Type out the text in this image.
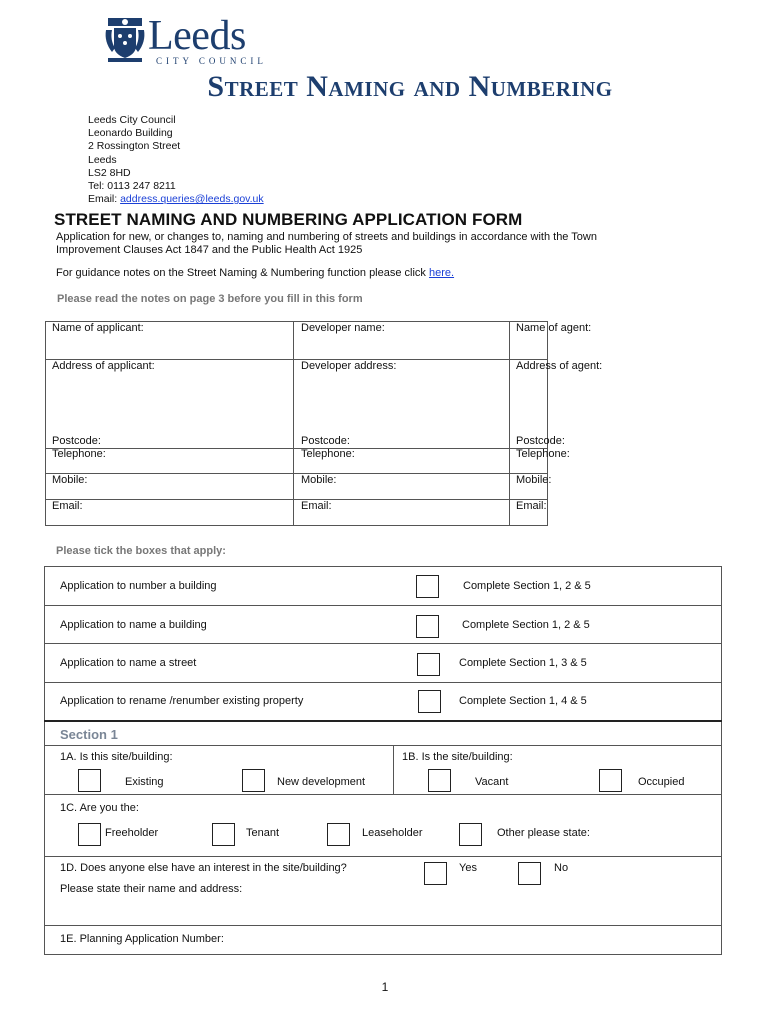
Leeds
CITY COUNCIL
Street Naming and Numbering
Leeds City Council
Leonardo Building
2 Rossington Street
Leeds
LS2 8HD
Tel: 0113 247 8211
Email: address.queries@leeds.gov.uk
STREET NAMING AND NUMBERING APPLICATION FORM
Application for new, or changes to, naming and numbering of streets and buildings in accordance with the Town Improvement Clauses Act 1847 and the Public Health Act 1925
For guidance notes on the Street Naming & Numbering function please click here.
Please read the notes on page 3 before you fill in this form
Name of applicant:	Developer name:	Name of agent:
Address of applicant:	Developer address:	Address of agent:
Postcode:	Postcode:	Postcode:
Telephone:	Telephone:	Telephone:
Mobile:	Mobile:	Mobile:
Email:	Email:	Email:
Please tick the boxes that apply:
Application to number a building	Complete Section 1, 2 & 5
Application to name a building	Complete Section 1, 2 & 5
Application to name a street	Complete Section 1, 3 & 5
Application to rename /renumber existing property	Complete Section 1, 4 & 5
Section 1
1A. Is this site/building:
Existing	New development
1B. Is the site/building:
Vacant	Occupied
1C. Are you the:
Freeholder	Tenant	Leaseholder	Other please state:
1D. Does anyone else have an interest in the site/building?	Yes	No
Please state their name and address:
1E. Planning Application Number:
1
